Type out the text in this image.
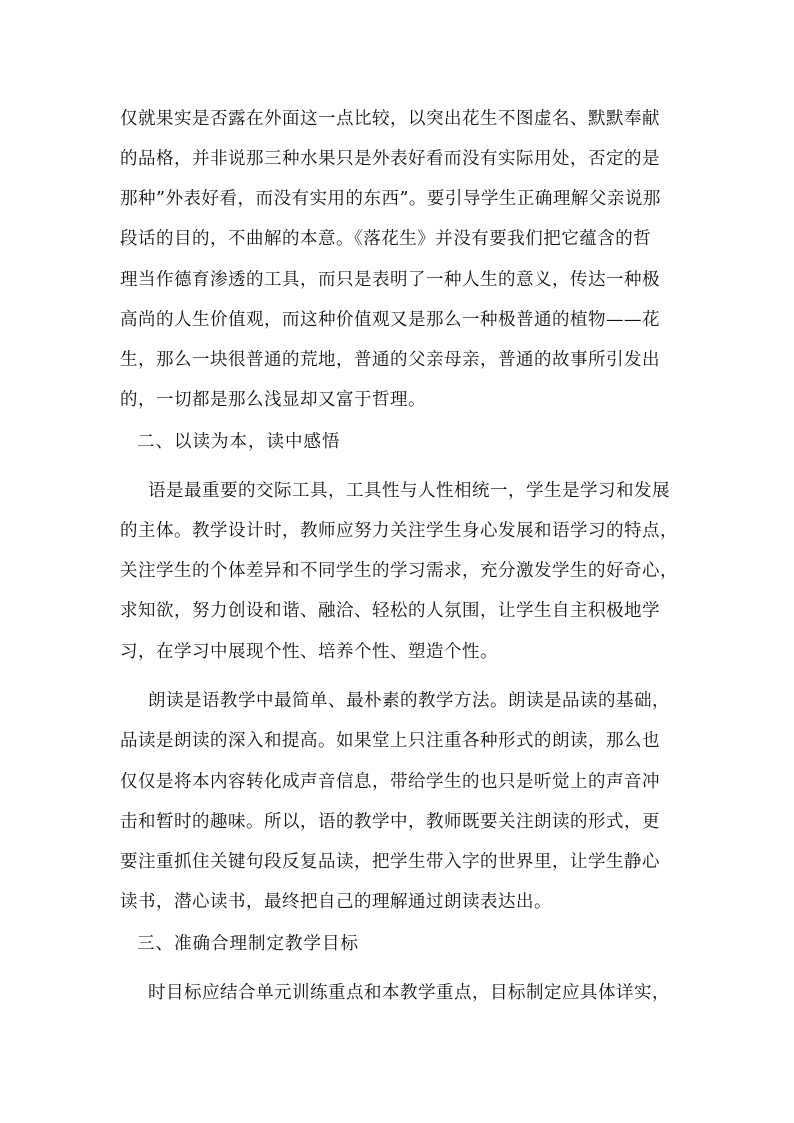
仅就果实是否露在外面这一点比较，以突出花生不图虚名、默默奉献
的品格，并非说那三种水果只是外表好看而没有实际用处，否定的是
那种”外表好看，而没有实用的东西”。要引导学生正确理解父亲说那
段话的目的，不曲解的本意。《落花生》并没有要我们把它蕴含的哲
理当作德育渗透的工具，而只是表明了一种人生的意义，传达一种极
高尚的人生价值观，而这种价值观又是那么一种极普通的植物——花
生，那么一块很普通的荒地，普通的父亲母亲，普通的故事所引发出
的，一切都是那么浅显却又富于哲理。
二、以读为本，读中感悟
语是最重要的交际工具，工具性与人性相统一，学生是学习和发展
的主体。教学设计时，教师应努力关注学生身心发展和语学习的特点，
关注学生的个体差异和不同学生的学习需求，充分激发学生的好奇心，
求知欲，努力创设和谐、融洽、轻松的人氛围，让学生自主积极地学
习，在学习中展现个性、培养个性、塑造个性。
朗读是语教学中最简单、最朴素的教学方法。朗读是品读的基础，
品读是朗读的深入和提高。如果堂上只注重各种形式的朗读，那么也
仅仅是将本内容转化成声音信息，带给学生的也只是听觉上的声音冲
击和暂时的趣味。所以，语的教学中，教师既要关注朗读的形式，更
要注重抓住关键句段反复品读，把学生带入字的世界里，让学生静心
读书，潜心读书，最终把自己的理解通过朗读表达出。
三、准确合理制定教学目标
时目标应结合单元训练重点和本教学重点，目标制定应具体详实，
